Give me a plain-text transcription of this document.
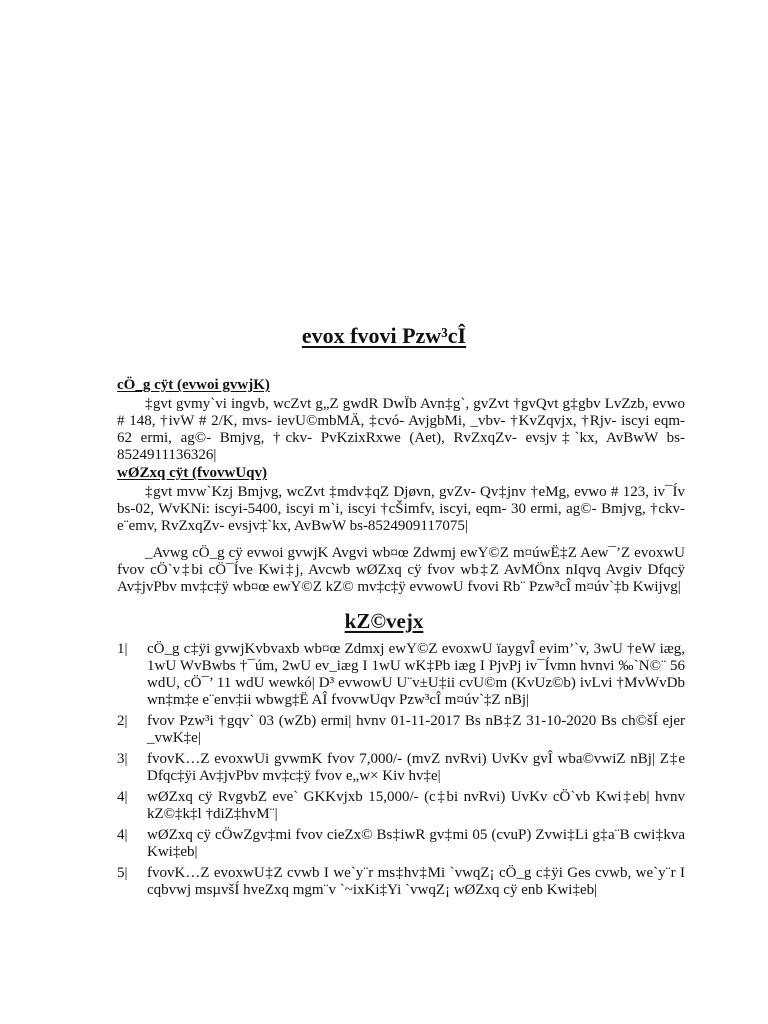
evox fvovi Pzw³cÎ

cÖ_g cÿt (evwoi gvwjK)

‡gvt gvmy`vi ingvb, wcZvt g„Z gwdR DwÏb Avn‡g`, gvZvt †gvQvt g‡gbv LvZzb, evwo # 148, †ivW # 2/K, mvs- ievU©mbMÄ, ‡cvó- AvjgbMi, _vbv- †KvZqvjx, †Rjv- iscyi eqm- 62 ermi, ag©- Bmjvg, †ckv- PvKzixRxwe (Aet), RvZxqZv- evsjv‡`kx, AvBwW bs- 8524911136326|

wØZxq cÿt (fvovwUqv)

‡gvt mvw`Kzj Bmjvg, wcZvt ‡mdv‡qZ Djøvn, gvZv- Qv‡jnv †eMg, evwo # 123, iv¯Ív bs-02, WvKNi: iscyi-5400, iscyi m`i, iscyi †cŠimfv, iscyi, eqm- 30 ermi, ag©- Bmjvg, †ckv- e¨emv, RvZxqZv- evsjv‡`kx, AvBwW bs-8524909117075|

_Avwg cÖ_g cÿ evwoi gvwjK Avgvi wb¤œ Zdwmj ewY©Z m¤úwË‡Z Aew¯’Z evoxwU fvov cÖ`v‡bi cÖ¯Íve Kwi‡j, Avcwb wØZxq cÿ fvov wb‡Z AvMÖnx nIqvq Avgiv Dfqcÿ Av‡jvPbv mv‡c‡ÿ wb¤œ ewY©Z kZ© mv‡c‡ÿ evwowU fvovi Rb¨ Pzw³cÎ m¤úv`‡b Kwijvg|

kZ©vejx
1|	cÖ_g c‡ÿi gvwjKvbvaxb wb¤œ Zdmxj ewY©Z evoxwU ïaygvÎ evim’`v, 3wU †eW iæg, 1wU WvBwbs †¯úm, 2wU ev_iæg I 1wU wK‡Pb iæg I PjvPj iv¯Ívmn hvnvi ‰`N©¨ 56 wdU, cÖ¯’ 11 wdU wewkó| D³ evwowU U¨v±U‡ii cvU©m (KvUz©b) ivLvi †MvWvDb wn‡m‡e e¨env‡ii wbwg‡Ë AÎ fvovwUqv Pzw³cÎ m¤úv`‡Z nBj|

2|	fvov Pzw³i †gqv` 03 (wZb) ermi| hvnv 01-11-2017 Bs nB‡Z 31-10-2020 Bs ch©šÍ ejer _vwK‡e|

3|	fvovK…Z evoxwUi gvwmK fvov 7,000/- (mvZ nvRvi) UvKv gvÎ wba©vwiZ nBj| Z‡e Dfqc‡ÿi Av‡jvPbv mv‡c‡ÿ fvov e„w× Kiv hv‡e|

4|	wØZxq cÿ RvgvbZ eve` GKKvjxb 15,000/- (c‡bi nvRvi) UvKv cÖ`vb Kwi‡eb| hvnv kZ©‡k‡l †diZ‡hvM¨|

4|	wØZxq cÿ cÖwZgv‡mi fvov cieZx© Bs‡iwR gv‡mi 05 (cvuP) Zvwi‡Li g‡a¨B cwi‡kva Kwi‡eb|

5|	fvovK…Z evoxwU‡Z cvwb I we`y¨r ms‡hv‡Mi `vwqZ¡ cÖ_g c‡ÿi Ges cvwb, we`y¨r I cqbvwj msµvšÍ hveZxq mgm¨v `~ixKi‡Yi `vwqZ¡ wØZxq cÿ enb Kwi‡eb|
